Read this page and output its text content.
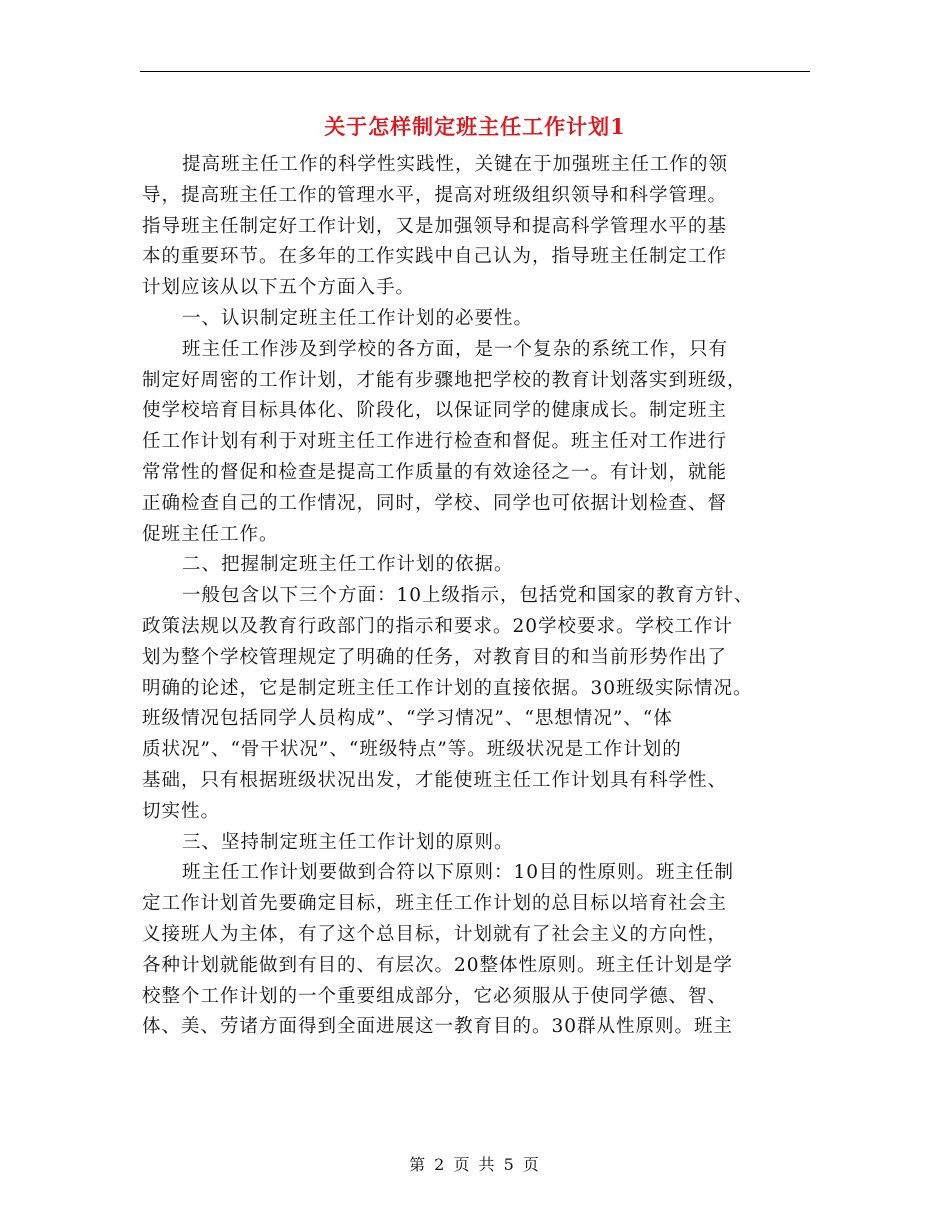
关于怎样制定班主任工作计划1
提高班主任工作的科学性实践性，关键在于加强班主任工作的领
导，提高班主任工作的管理水平，提高对班级组织领导和科学管理。
指导班主任制定好工作计划，又是加强领导和提高科学管理水平的基
本的重要环节。在多年的工作实践中自己认为，指导班主任制定工作
计划应该从以下五个方面入手。
一、认识制定班主任工作计划的必要性。
班主任工作涉及到学校的各方面，是一个复杂的系统工作，只有
制定好周密的工作计划，才能有步骤地把学校的教育计划落实到班级，
使学校培育目标具体化、阶段化，以保证同学的健康成长。制定班主
任工作计划有利于对班主任工作进行检查和督促。班主任对工作进行
常常性的督促和检查是提高工作质量的有效途径之一。有计划，就能
正确检查自己的工作情况，同时，学校、同学也可依据计划检查、督
促班主任工作。
二、把握制定班主任工作计划的依据。
一般包含以下三个方面：10上级指示，包括党和国家的教育方针、
政策法规以及教育行政部门的指示和要求。20学校要求。学校工作计
划为整个学校管理规定了明确的任务，对教育目的和当前形势作出了
明确的论述，它是制定班主任工作计划的直接依据。30班级实际情况。
班级情况包括同学人员构成”、“学习情况”、“思想情况”、“体
质状况”、“骨干状况”、“班级特点”等。班级状况是工作计划的
基础，只有根据班级状况出发，才能使班主任工作计划具有科学性、
切实性。
三、坚持制定班主任工作计划的原则。
班主任工作计划要做到合符以下原则：10目的性原则。班主任制
定工作计划首先要确定目标，班主任工作计划的总目标以培育社会主
义接班人为主体，有了这个总目标，计划就有了社会主义的方向性，
各种计划就能做到有目的、有层次。20整体性原则。班主任计划是学
校整个工作计划的一个重要组成部分，它必须服从于使同学德、智、
体、美、劳诸方面得到全面进展这一教育目的。30群从性原则。班主
第 2 页 共 5 页
